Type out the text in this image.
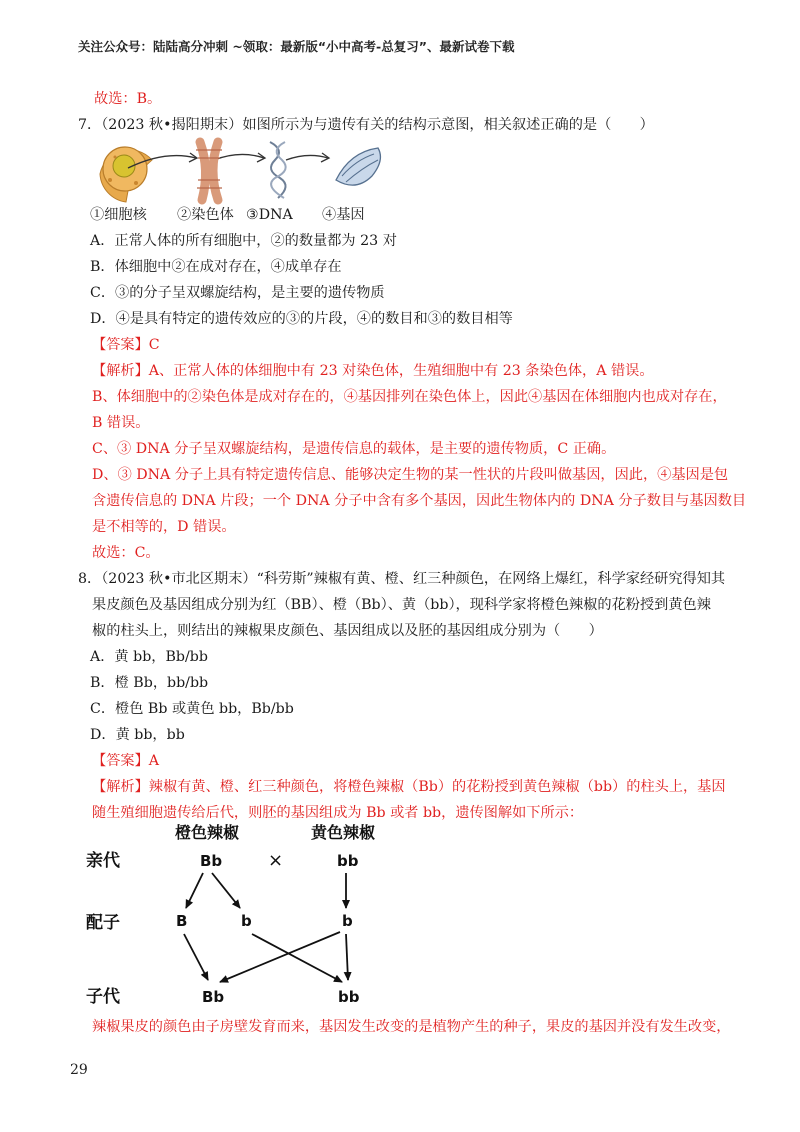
关注公众号：陆陆高分冲刺 ~领取：最新版“小中高考-总复习”、最新试卷下载
故选：B。
7．（2023 秋•揭阳期末）如图所示为与遗传有关的结构示意图，相关叙述正确的是（　　）
①细胞核 ②染色体 ③DNA ④基因
A．正常人体的所有细胞中，②的数量都为 23 对
B．体细胞中②在成对存在，④成单存在
C．③的分子呈双螺旋结构，是主要的遗传物质
D．④是具有特定的遗传效应的③的片段，④的数目和③的数目相等
【答案】C
【解析】A、正常人体的体细胞中有 23 对染色体，生殖细胞中有 23 条染色体，A 错误。
B、体细胞中的②染色体是成对存在的，④基因排列在染色体上，因此④基因在体细胞内也成对存在，
B 错误。
C、③ DNA 分子呈双螺旋结构，是遗传信息的载体，是主要的遗传物质，C 正确。
D、③ DNA 分子上具有特定遗传信息、能够决定生物的某一性状的片段叫做基因，因此，④基因是包
含遗传信息的 DNA 片段；一个 DNA 分子中含有多个基因，因此生物体内的 DNA 分子数目与基因数目
是不相等的，D 错误。
故选：C。
8．（2023 秋•市北区期末）“科劳斯”辣椒有黄、橙、红三种颜色，在网络上爆红，科学家经研究得知其
果皮颜色及基因组成分别为红（BB）、橙（Bb）、黄（bb），现科学家将橙色辣椒的花粉授到黄色辣
椒的柱头上，则结出的辣椒果皮颜色、基因组成以及胚的基因组成分别为（　　）
A．黄 bb，Bb/bb
B．橙 Bb，bb/bb
C．橙色 Bb 或黄色 bb，Bb/bb
D．黄 bb，bb
【答案】A
【解析】辣椒有黄、橙、红三种颜色，将橙色辣椒（Bb）的花粉授到黄色辣椒（bb）的柱头上，基因
随生殖细胞遗传给后代，则胚的基因组成为 Bb 或者 bb，遗传图解如下所示：
橙色辣椒	黄色辣椒
亲代
配子
子代
Bb	×	bb
B	b	b
Bb	bb
辣椒果皮的颜色由子房壁发育而来，基因发生改变的是植物产生的种子，果皮的基因并没有发生改变，
29
